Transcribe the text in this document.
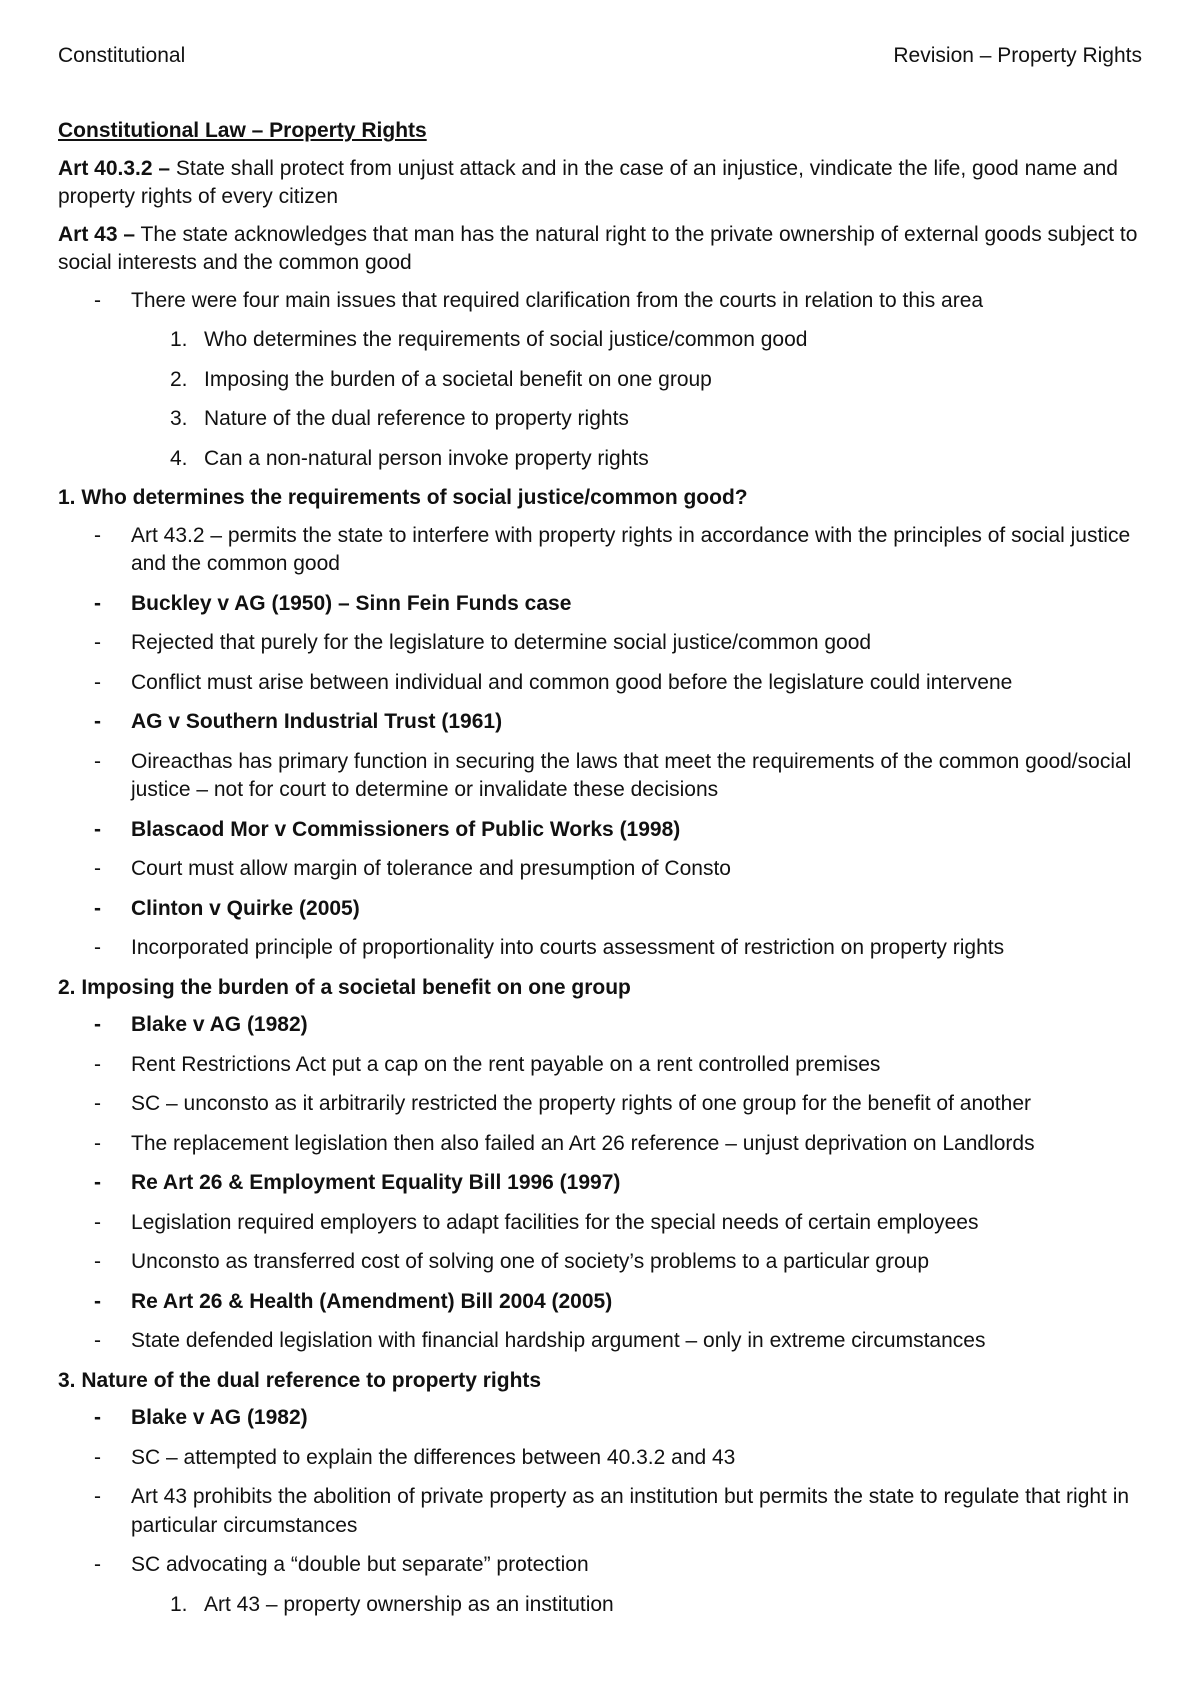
Constitutional	Revision – Property Rights
Constitutional Law – Property Rights
Art 40.3.2 – State shall protect from unjust attack and in the case of an injustice, vindicate the life, good name and property rights of every citizen
Art 43 – The state acknowledges that man has the natural right to the private ownership of external goods subject to social interests and the common good
- There were four main issues that required clarification from the courts in relation to this area
1. Who determines the requirements of social justice/common good
2. Imposing the burden of a societal benefit on one group
3. Nature of the dual reference to property rights
4. Can a non-natural person invoke property rights
1. Who determines the requirements of social justice/common good?
- Art 43.2 – permits the state to interfere with property rights in accordance with the principles of social justice and the common good
- Buckley v AG (1950) – Sinn Fein Funds case
- Rejected that purely for the legislature to determine social justice/common good
- Conflict must arise between individual and common good before the legislature could intervene
- AG v Southern Industrial Trust (1961)
- Oireacthas has primary function in securing the laws that meet the requirements of the common good/social justice – not for court to determine or invalidate these decisions
- Blascaod Mor v Commissioners of Public Works (1998)
- Court must allow margin of tolerance and presumption of Consto
- Clinton v Quirke (2005)
- Incorporated principle of proportionality into courts assessment of restriction on property rights
2. Imposing the burden of a societal benefit on one group
- Blake v AG (1982)
- Rent Restrictions Act put a cap on the rent payable on a rent controlled premises
- SC – unconsto as it arbitrarily restricted the property rights of one group for the benefit of another
- The replacement legislation then also failed an Art 26 reference – unjust deprivation on Landlords
- Re Art 26 & Employment Equality Bill 1996 (1997)
- Legislation required employers to adapt facilities for the special needs of certain employees
- Unconsto as transferred cost of solving one of society’s problems to a particular group
- Re Art 26 & Health (Amendment) Bill 2004 (2005)
- State defended legislation with financial hardship argument – only in extreme circumstances
3. Nature of the dual reference to property rights
- Blake v AG (1982)
- SC – attempted to explain the differences between 40.3.2 and 43
- Art 43 prohibits the abolition of private property as an institution but permits the state to regulate that right in particular circumstances
- SC advocating a “double but separate” protection
1. Art 43 – property ownership as an institution
